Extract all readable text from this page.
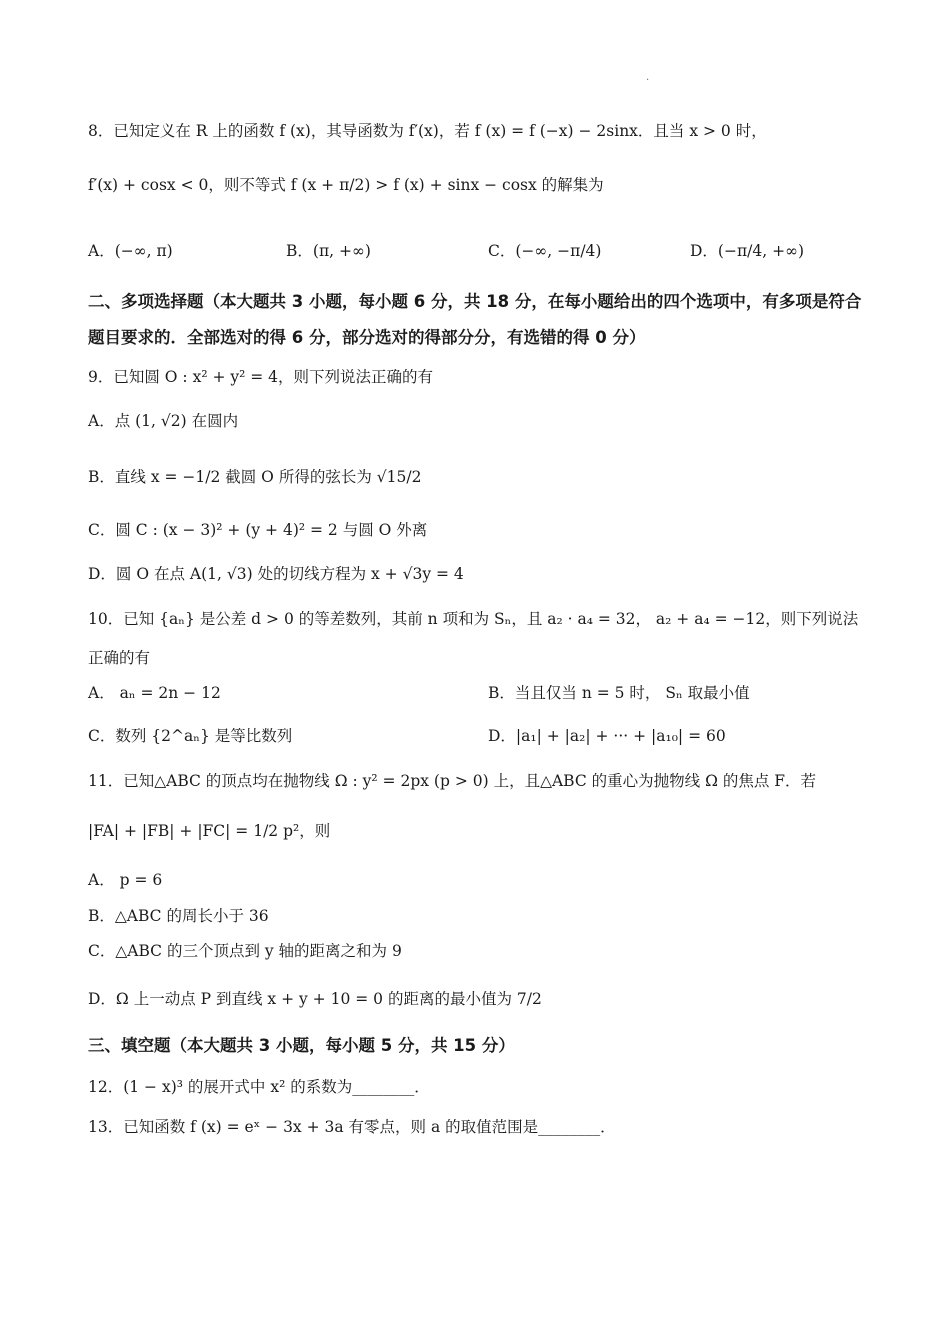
.
8．已知定义在 R 上的函数 f (x)，其导函数为 f′(x)，若 f (x) = f (−x) − 2sinx．且当 x > 0 时，
f′(x) + cosx < 0，则不等式 f (x + π/2) > f (x) + sinx − cosx 的解集为
A．(−∞, π)	B．(π, +∞)	C．(−∞, −π/4)	D．(−π/4, +∞)
二、多项选择题（本大题共 3 小题，每小题 6 分，共 18 分，在每小题给出的四个选项中，有多项是符合题目要求的．全部选对的得 6 分，部分选对的得部分分，有选错的得 0 分）
9．已知圆 O : x² + y² = 4，则下列说法正确的有
A．点 (1, √2) 在圆内
B．直线 x = −1/2 截圆 O 所得的弦长为 √15/2
C．圆 C : (x − 3)² + (y + 4)² = 2 与圆 O 外离
D．圆 O 在点 A(1, √3) 处的切线方程为 x + √3y = 4
10．已知 {aₙ} 是公差 d > 0 的等差数列，其前 n 项和为 Sₙ，且 a₂ · a₄ = 32， a₂ + a₄ = −12，则下列说法
正确的有
A． aₙ = 2n − 12	B．当且仅当 n = 5 时， Sₙ 取最小值
C．数列 {2^aₙ} 是等比数列	D．|a₁| + |a₂| + ··· + |a₁₀| = 60
11．已知△ABC 的顶点均在抛物线 Ω : y² = 2px (p > 0) 上，且△ABC 的重心为抛物线 Ω 的焦点 F．若
|FA| + |FB| + |FC| = 1/2 p²，则
A． p = 6
B．△ABC 的周长小于 36
C．△ABC 的三个顶点到 y 轴的距离之和为 9
D．Ω 上一动点 P 到直线 x + y + 10 = 0 的距离的最小值为 7/2
三、填空题（本大题共 3 小题，每小题 5 分，共 15 分）
12．(1 − x)³ 的展开式中 x² 的系数为________．
13．已知函数 f (x) = eˣ − 3x + 3a 有零点，则 a 的取值范围是________．
